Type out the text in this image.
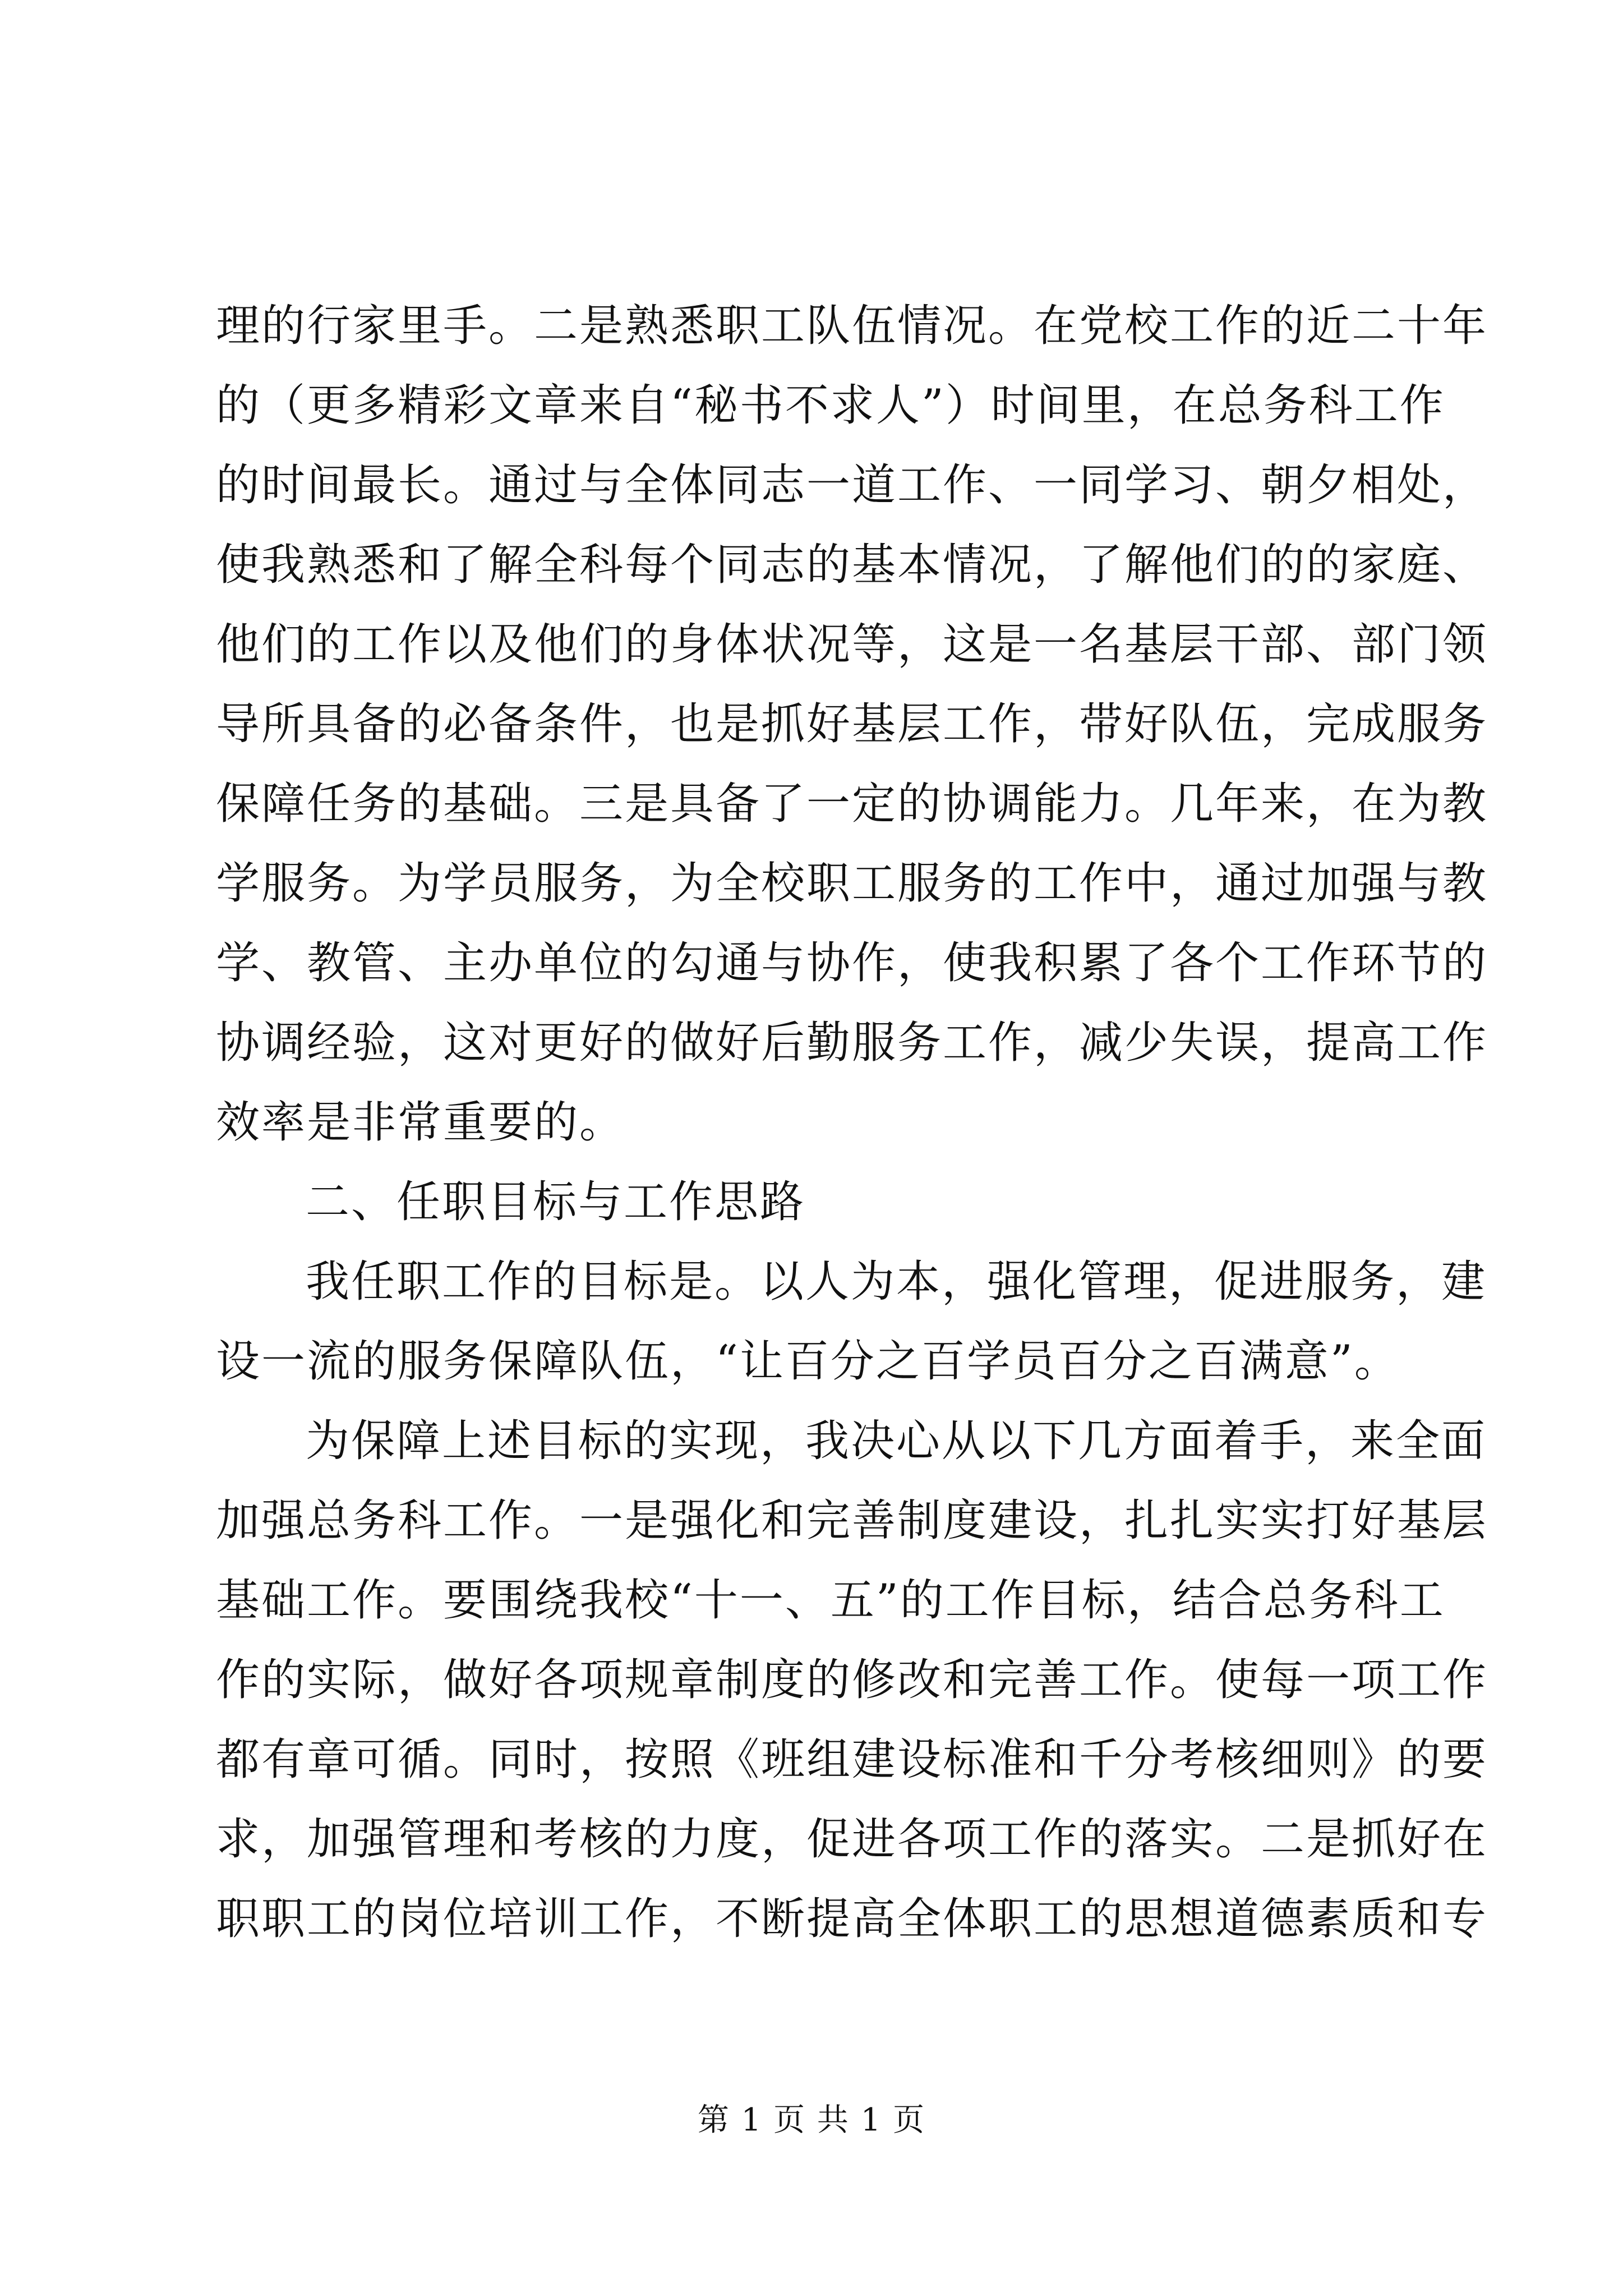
理的行家里手。二是熟悉职工队伍情况。在党校工作的近二十年
的（更多精彩文章来自“秘书不求人”）时间里，在总务科工作
的时间最长。通过与全体同志一道工作、一同学习、朝夕相处，
使我熟悉和了解全科每个同志的基本情况，了解他们的的家庭、
他们的工作以及他们的身体状况等，这是一名基层干部、部门领
导所具备的必备条件，也是抓好基层工作，带好队伍，完成服务
保障任务的基础。三是具备了一定的协调能力。几年来，在为教
学服务。为学员服务，为全校职工服务的工作中，通过加强与教
学、教管、主办单位的勾通与协作，使我积累了各个工作环节的
协调经验，这对更好的做好后勤服务工作，减少失误，提高工作
效率是非常重要的。
二、任职目标与工作思路
我任职工作的目标是。以人为本，强化管理，促进服务，建
设一流的服务保障队伍，“让百分之百学员百分之百满意”。
为保障上述目标的实现，我决心从以下几方面着手，来全面
加强总务科工作。一是强化和完善制度建设，扎扎实实打好基层
基础工作。要围绕我校“十一、五”的工作目标，结合总务科工
作的实际，做好各项规章制度的修改和完善工作。使每一项工作
都有章可循。同时，按照《班组建设标准和千分考核细则》的要
求，加强管理和考核的力度，促进各项工作的落实。二是抓好在
职职工的岗位培训工作，不断提高全体职工的思想道德素质和专
第 1 页 共 1 页
